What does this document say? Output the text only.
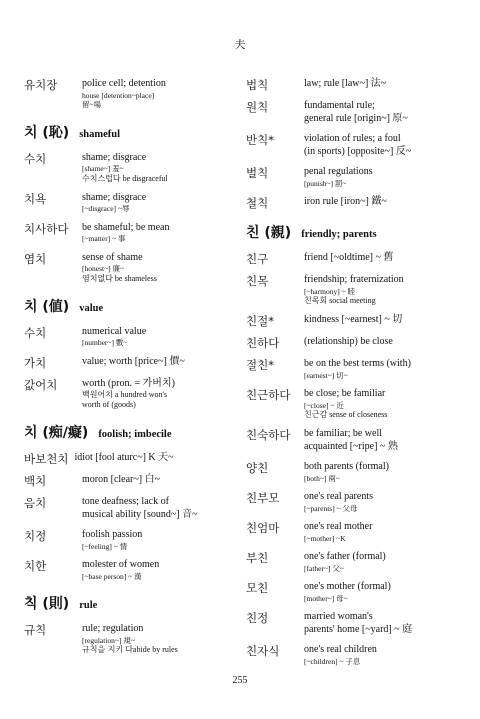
夫
유치장	police cell; detention
house [detention~place]
留~場
치 (恥) shameful
수치	shame; disgrace
[shame~] 羞~
수치스럽다 be disgraceful
치욕	shame; disgrace
[~disgrace] ~辱
치사하다	be shameful; be mean
[~matter] ~ 事
염치	sense of shame
[honest~] 廉~
염치없다 be shameless
치 (値) value
수치	numerical value
[number~] 數~
가치	value; worth [price~] 價~
값어치	worth (pron. = 가버치)
백원어치 a hundred won's
worth of (goods)
치 (痴/癡) foolish; imbecile
바보천치 idiot [fool aturc~] K 天~
백치	moron [clear~] 白~
음치	tone deafness; lack of
musical ability [sound~] 音~
치정	foolish passion
[~feeling] ~ 情
치한	molester of women
[~base person] ~ 漢
칙 (則) rule
규칙	rule; regulation
[regulation~] 規~
규칙을 지키 다abide by rules
법칙	law; rule [law~] 法~
원칙	fundamental rule;
general rule [origin~] 原~
반칙*	violation of rules; a foul
(in sports) [opposite~] 反~
벌칙	penal regulations
[punish~] 罰~
철칙	iron rule [iron~] 鐵~
친 (親) friendly; parents
친구	friend [~oldtime] ~ 舊
친목	friendship; fraternization
[~harmony] ~ 睦
친목회 social meeting
친절*	kindness [~earnest] ~ 切
친하다	(relationship) be close
절친*	be on the best terms (with)
[earnest~] 切~
친근하다	be close; be familiar
[~close] ~ 近
친근감 sense of closeness
친숙하다	be familiar; be well
acquainted [~ripe] ~ 熟
양친	both parents (formal)
[both~] 兩~
친부모	one's real parents
[~parents] ~ 父母
친엄마	one's real mother
[~mother] ~K
부친	one's father (formal)
[father~] 父~
모친	one's mother (formal)
[mother~] 母~
친정	married woman's
parents' home [~yard] ~ 庭
친자식	one's real children
[~children] ~ 子息
255
